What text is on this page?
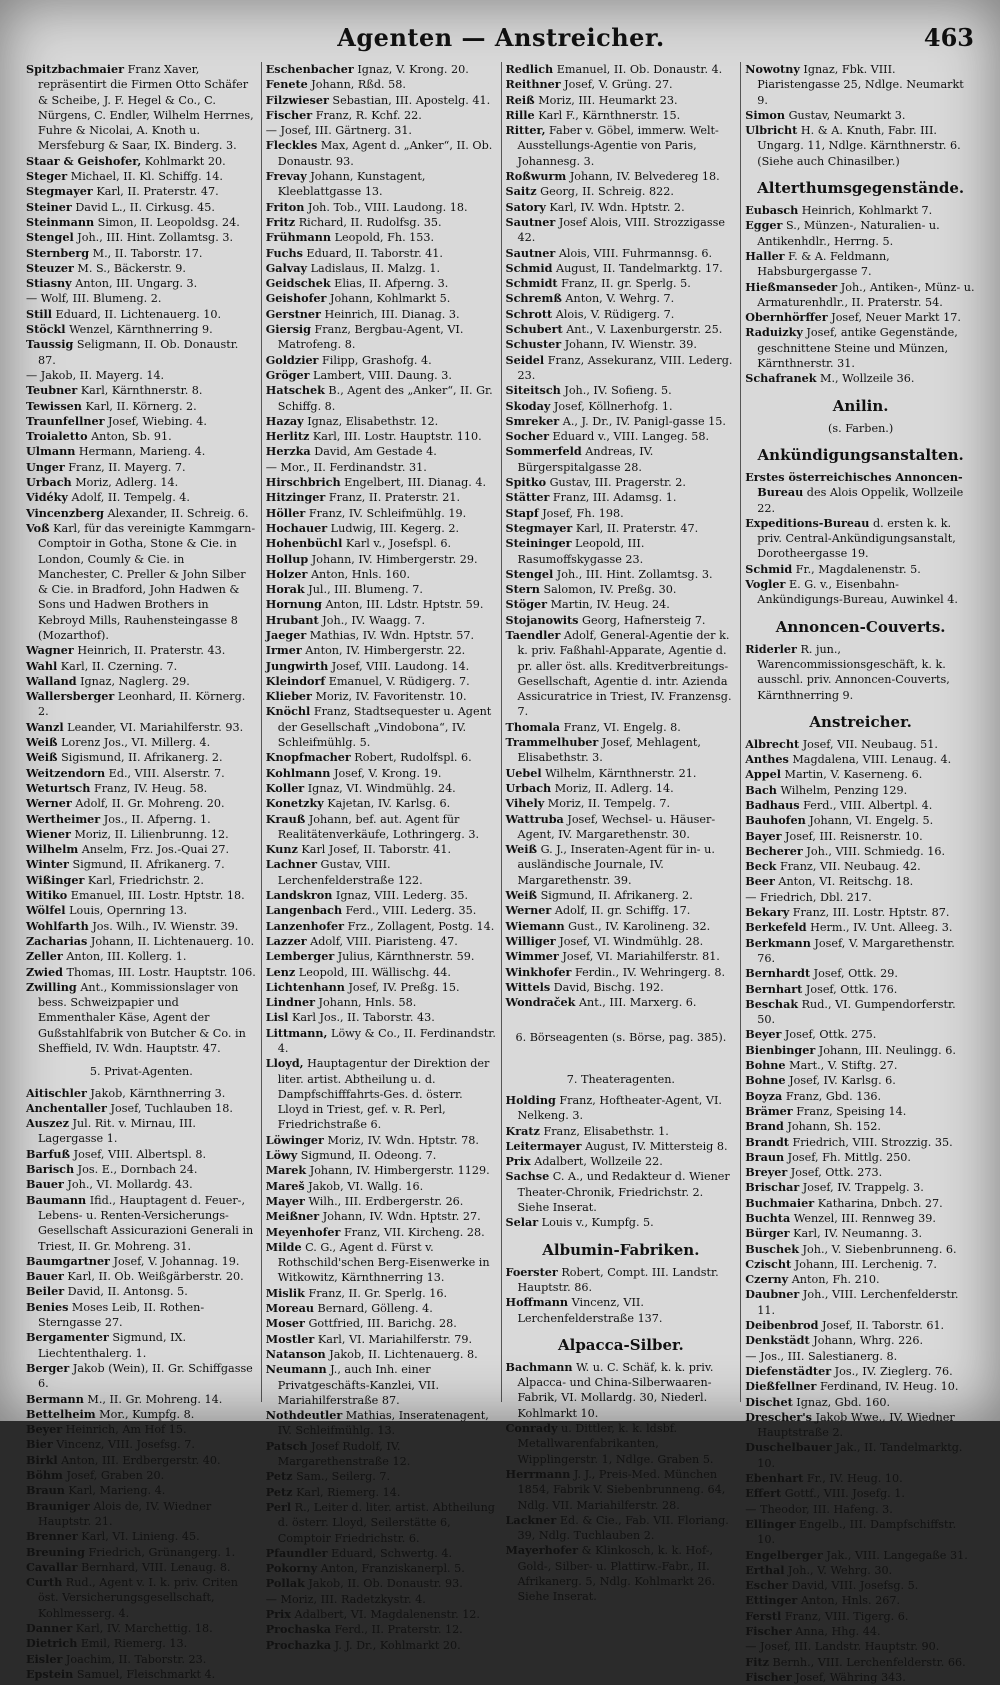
Agenten — Anstreicher.	463
Spitzbachmaier Franz Xaver, repräsentirt die Firmen Otto Schäfer & Scheibe, J. F. Hegel & Co., C. Nürgens, C. Endler, Wilhelm Herrnes, Fuhre & Nicolai, A. Knoth u. Mersfeburg & Saar, IX. Binderg. 3.
Staar & Geishofer, Kohlmarkt 20.
Steger Michael, II. Kl. Schiffg. 14.
Stegmayer Karl, II. Praterstr. 47.
Steiner David L., II. Cirkusg. 45.
Steinmann Simon, II. Leopoldsg. 24.
Stengel Joh., III. Hint. Zollamtsg. 3.
Sternberg M., II. Taborstr. 17.
Steuzer M. S., Bäckerstr. 9.
Stiasny Anton, III. Ungarg. 3.
— Wolf, III. Blumeng. 2.
Still Eduard, II. Lichtenauerg. 10.
Stöckl Wenzel, Kärnthnerring 9.
Taussig Seligmann, II. Ob. Donaustr. 87.
— Jakob, II. Mayerg. 14.
Teubner Karl, Kärnthnerstr. 8.
Tewissen Karl, II. Körnerg. 2.
Traunfellner Josef, Wiebing. 4.
Troialetto Anton, Sb. 91.
Ulmann Hermann, Marieng. 4.
Unger Franz, II. Mayerg. 7.
Urbach Moriz, Adlerg. 14.
Vidéky Adolf, II. Tempelg. 4.
Vincenzberg Alexander, II. Schreig. 6.
Voß Karl, für das vereinigte Kammgarn-Comptoir in Gotha, Stone & Cie. in London, Coumly & Cie. in Manchester, C. Preller & John Silber & Cie. in Bradford, John Hadwen & Sons und Hadwen Brothers in Kebroyd Mills, Rauhensteingasse 8 (Mozarthof).
Wagner Heinrich, II. Praterstr. 43.
Wahl Karl, II. Czerning. 7.
Walland Ignaz, Naglerg. 29.
Wallersberger Leonhard, II. Körnerg. 2.
Wanzl Leander, VI. Mariahilferstr. 93.
Weiß Lorenz Jos., VI. Millerg. 4.
Weiß Sigismund, II. Afrikanerg. 2.
Weitzendorn Ed., VIII. Alserstr. 7.
Weturtsch Franz, IV. Heug. 58.
Werner Adolf, II. Gr. Mohreng. 20.
Wertheimer Jos., II. Afperng. 1.
Wiener Moriz, II. Lilienbrunng. 12.
Wilhelm Anselm, Frz. Jos.-Quai 27.
Winter Sigmund, II. Afrikanerg. 7.
Wißinger Karl, Friedrichstr. 2.
Witiko Emanuel, III. Lostr. Hptstr. 18.
Wölfel Louis, Opernring 13.
Wohlfarth Jos. Wilh., IV. Wienstr. 39.
Zacharias Johann, II. Lichtenauerg. 10.
Zeller Anton, III. Kollerg. 1.
Zwied Thomas, III. Lostr. Hauptstr. 106.
Zwilling Ant., Kommissionslager von bess. Schweizpapier und Emmenthaler Käse, Agent der Gußstahlfabrik von Butcher & Co. in Sheffield, IV. Wdn. Hauptstr. 47.
5. Privat-Agenten.
Aitischler Jakob, Kärnthnerring 3.
Anchentaller Josef, Tuchlauben 18.
Auszez Jul. Rit. v. Mirnau, III. Lagergasse 1.
Barfuß Josef, VIII. Albertspl. 8.
Barisch Jos. E., Dornbach 24.
Bauer Joh., VI. Mollardg. 43.
Baumann Ifid., Hauptagent d. Feuer-, Lebens- u. Renten-Versicherungs-Gesellschaft Assicurazioni Generali in Triest, II. Gr. Mohreng. 31.
Baumgartner Josef, V. Johannag. 19.
Bauer Karl, II. Ob. Weißgärberstr. 20.
Beiler David, II. Antonsg. 5.
Benies Moses Leib, II. Rothen-Sterngasse 27.
Bergamenter Sigmund, IX. Liechtenthalerg. 1.
Berger Jakob (Wein), II. Gr. Schiffgasse 6.
Bermann M., II. Gr. Mohreng. 14.
Bettelheim Mor., Kumpfg. 8.
Beyer Heinrich, Am Hof 15.
Bier Vincenz, VIII. Josefsg. 7.
Birkl Anton, III. Erdbergerstr. 40.
Böhm Josef, Graben 20.
Braun Karl, Marieng. 4.
Brauniger Alois de, IV. Wiedner Hauptstr. 21.
Brenner Karl, VI. Linieng. 45.
Breuning Friedrich, Grünangerg. 1.
Cavallar Bernhard, VIII. Lenaug. 8.
Curth Rud., Agent v. I. k. priv. Criten öst. Versicherungsgesellschaft, Kohlmesserg. 4.
Danner Karl, IV. Marchettig. 18.
Dietrich Emil, Riemerg. 13.
Eisler Joachim, II. Taborstr. 23.
Epstein Samuel, Fleischmarkt 4.
Eschenbacher Ignaz, V. Krong. 20.
Fenete Johann, Rßd. 58.
Filzwieser Sebastian, III. Apostelg. 41.
Fischer Franz, R. Kchf. 22.
— Josef, III. Gärtnerg. 31.
Fleckles Max, Agent d. „Anker“, II. Ob. Donaustr. 93.
Frevay Johann, Kunstagent, Kleeblattgasse 13.
Friton Joh. Tob., VIII. Laudong. 18.
Fritz Richard, II. Rudolfsg. 35.
Frühmann Leopold, Fh. 153.
Fuchs Eduard, II. Taborstr. 41.
Galvay Ladislaus, II. Malzg. 1.
Geidschek Elias, II. Afperng. 3.
Geishofer Johann, Kohlmarkt 5.
Gerstner Heinrich, III. Dianag. 3.
Giersig Franz, Bergbau-Agent, VI. Matrofeng. 8.
Goldzier Filipp, Grashofg. 4.
Gröger Lambert, VIII. Daung. 3.
Hatschek B., Agent des „Anker“, II. Gr. Schiffg. 8.
Hazay Ignaz, Elisabethstr. 12.
Herlitz Karl, III. Lostr. Hauptstr. 110.
Herzka David, Am Gestade 4.
— Mor., II. Ferdinandstr. 31.
Hirschbrich Engelbert, III. Dianag. 4.
Hitzinger Franz, II. Praterstr. 21.
Höller Franz, IV. Schleifmühlg. 19.
Hochauer Ludwig, III. Kegerg. 2.
Hohenbüchl Karl v., Josefspl. 6.
Hollup Johann, IV. Himbergerstr. 29.
Holzer Anton, Hnls. 160.
Horak Jul., III. Blumeng. 7.
Hornung Anton, III. Ldstr. Hptstr. 59.
Hrubant Joh., IV. Waagg. 7.
Jaeger Mathias, IV. Wdn. Hptstr. 57.
Irmer Anton, IV. Himbergerstr. 22.
Jungwirth Josef, VIII. Laudong. 14.
Kleindorf Emanuel, V. Rüdigerg. 7.
Klieber Moriz, IV. Favoritenstr. 10.
Knöchl Franz, Stadtsequester u. Agent der Gesellschaft „Vindobona“, IV. Schleifmühlg. 5.
Knopfmacher Robert, Rudolfspl. 6.
Kohlmann Josef, V. Krong. 19.
Koller Ignaz, VI. Windmühlg. 24.
Konetzky Kajetan, IV. Karlsg. 6.
Krauß Johann, bef. aut. Agent für Realitätenverkäufe, Lothringerg. 3.
Kunz Karl Josef, II. Taborstr. 41.
Lachner Gustav, VIII. Lerchenfelderstraße 122.
Landskron Ignaz, VIII. Lederg. 35.
Langenbach Ferd., VIII. Lederg. 35.
Lanzenhofer Frz., Zollagent, Postg. 14.
Lazzer Adolf, VIII. Piaristeng. 47.
Lemberger Julius, Kärnthnerstr. 59.
Lenz Leopold, III. Wällischg. 44.
Lichtenhann Josef, IV. Preßg. 15.
Lindner Johann, Hnls. 58.
Lisl Karl Jos., II. Taborstr. 43.
Littmann, Löwy & Co., II. Ferdinandstr. 4.
Lloyd, Hauptagentur der Direktion der liter. artist. Abtheilung u. d. Dampfschifffahrts-Ges. d. österr. Lloyd in Triest, gef. v. R. Perl, Friedrichstraße 6.
Löwinger Moriz, IV. Wdn. Hptstr. 78.
Löwy Sigmund, II. Odeong. 7.
Marek Johann, IV. Himbergerstr. 1129.
Mareš Jakob, VI. Wallg. 16.
Mayer Wilh., III. Erdbergerstr. 26.
Meißner Johann, IV. Wdn. Hptstr. 27.
Meyenhofer Franz, VII. Kircheng. 28.
Milde C. G., Agent d. Fürst v. Rothschild'schen Berg-Eisenwerke in Witkowitz, Kärnthnerring 13.
Mislik Franz, II. Gr. Sperlg. 16.
Moreau Bernard, Gölleng. 4.
Moser Gottfried, III. Barichg. 28.
Mostler Karl, VI. Mariahilferstr. 79.
Natanson Jakob, II. Lichtenauerg. 8.
Neumann J., auch Inh. einer Privatgeschäfts-Kanzlei, VII. Mariahilferstraße 87.
Nothdeutler Mathias, Inseratenagent, IV. Schleifmühlg. 13.
Patsch Josef Rudolf, IV. Margarethenstraße 12.
Petz Sam., Seilerg. 7.
Petz Karl, Riemerg. 14.
Perl R., Leiter d. liter. artist. Abtheilung d. österr. Lloyd, Seilerstätte 6, Comptoir Friedrichstr. 6.
Pfaundler Eduard, Schwertg. 4.
Pokorny Anton, Franziskanerpl. 5.
Pollak Jakob, II. Ob. Donaustr. 93.
— Moriz, III. Radetzkystr. 4.
Prix Adalbert, VI. Magdalenenstr. 12.
Prochaska Ferd., II. Praterstr. 12.
Prochazka J. J. Dr., Kohlmarkt 20.
Redlich Emanuel, II. Ob. Donaustr. 4.
Reithner Josef, V. Grüng. 27.
Reiß Moriz, III. Heumarkt 23.
Rille Karl F., Kärnthnerstr. 15.
Ritter, Faber v. Göbel, immerw. Welt-Ausstellungs-Agentie von Paris, Johannesg. 3.
Roßwurm Johann, IV. Belvedereg 18.
Saitz Georg, II. Schreig. 822.
Satory Karl, IV. Wdn. Hptstr. 2.
Sautner Josef Alois, VIII. Strozzigasse 42.
Sautner Alois, VIII. Fuhrmannsg. 6.
Schmid August, II. Tandelmarktg. 17.
Schmidt Franz, II. gr. Sperlg. 5.
Schremß Anton, V. Wehrg. 7.
Schrott Alois, V. Rüdigerg. 7.
Schubert Ant., V. Laxenburgerstr. 25.
Schuster Johann, IV. Wienstr. 39.
Seidel Franz, Assekuranz, VIII. Lederg. 23.
Siteitsch Joh., IV. Sofieng. 5.
Skoday Josef, Köllnerhofg. 1.
Smreker A., J. Dr., IV. Panigl-gasse 15.
Socher Eduard v., VIII. Langeg. 58.
Sommerfeld Andreas, IV. Bürgerspitalgasse 28.
Spitko Gustav, III. Pragerstr. 2.
Stätter Franz, III. Adamsg. 1.
Stapf Josef, Fh. 198.
Stegmayer Karl, II. Praterstr. 47.
Steininger Leopold, III. Rasumoffskygasse 23.
Stengel Joh., III. Hint. Zollamtsg. 3.
Stern Salomon, IV. Preßg. 30.
Stöger Martin, IV. Heug. 24.
Stojanowits Georg, Hafnersteig 7.
Taendler Adolf, General-Agentie der k. k. priv. Faßhahl-Apparate, Agentie d. pr. aller öst. alls. Kreditverbreitungs-Gesellschaft, Agentie d. intr. Azienda Assicuratrice in Triest, IV. Franzensg. 7.
Thomala Franz, VI. Engelg. 8.
Trammelhuber Josef, Mehlagent, Elisabethstr. 3.
Uebel Wilhelm, Kärnthnerstr. 21.
Urbach Moriz, II. Adlerg. 14.
Vihely Moriz, II. Tempelg. 7.
Wattruba Josef, Wechsel- u. Häuser-Agent, IV. Margarethenstr. 30.
Weiß G. J., Inseraten-Agent für in- u. ausländische Journale, IV. Margarethenstr. 39.
Weiß Sigmund, II. Afrikanerg. 2.
Werner Adolf, II. gr. Schiffg. 17.
Wiemann Gust., IV. Karolineng. 32.
Williger Josef, VI. Windmühlg. 28.
Wimmer Josef, VI. Mariahilferstr. 81.
Winkhofer Ferdin., IV. Wehringerg. 8.
Wittels David, Bischg. 192.
Wondraček Ant., III. Marxerg. 6.
6. Börseagenten (s. Börse, pag. 385).
7. Theateragenten.
Holding Franz, Hoftheater-Agent, VI. Nelkeng. 3.
Kratz Franz, Elisabethstr. 1.
Leitermayer August, IV. Mittersteig 8.
Prix Adalbert, Wollzeile 22.
Sachse C. A., und Redakteur d. Wiener Theater-Chronik, Friedrichstr. 2. Siehe Inserat.
Selar Louis v., Kumpfg. 5.
Albumin-Fabriken.
Foerster Robert, Compt. III. Landstr. Hauptstr. 86.
Hoffmann Vincenz, VII. Lerchenfelderstraße 137.
Alpacca-Silber.
Bachmann W. u. C. Schäf, k. k. priv. Alpacca- und China-Silberwaaren-Fabrik, VI. Mollardg. 30, Niederl. Kohlmarkt 10.
Conrady u. Dittler, k. k. ldsbf. Metallwarenfabrikanten, Wipplingerstr. 1, Ndlge. Graben 5.
Herrmann J. J., Preis-Med. München 1854, Fabrik V. Siebenbrunneng. 64, Ndlg. VII. Mariahilferstr. 28.
Lackner Ed. & Cie., Fab. VII. Floriang. 39, Ndlg. Tuchlauben 2.
Mayerhofer & Klinkosch, k. k. Hof-, Gold-, Silber- u. Plattirw.-Fabr., II. Afrikanerg. 5, Ndlg. Kohlmarkt 26. Siehe Inserat.
Nowotny Ignaz, Fbk. VIII. Piaristengasse 25, Ndlge. Neumarkt 9.
Simon Gustav, Neumarkt 3.
Ulbricht H. & A. Knuth, Fabr. III. Ungarg. 11, Ndlge. Kärnthnerstr. 6. (Siehe auch Chinasilber.)
Alterthumsgegenstände.
Eubasch Heinrich, Kohlmarkt 7.
Egger S., Münzen-, Naturalien- u. Antikenhdlr., Herrng. 5.
Haller F. & A. Feldmann, Habsburgergasse 7.
Hießmanseder Joh., Antiken-, Münz- u. Armaturenhdlr., II. Praterstr. 54.
Obernhörffer Josef, Neuer Markt 17.
Raduizky Josef, antike Gegenstände, geschnittene Steine und Münzen, Kärnthnerstr. 31.
Schafranek M., Wollzeile 36.
Anilin.
(s. Farben.)
Ankündigungsanstalten.
Erstes österreichisches Annoncen-Bureau des Alois Oppelik, Wollzeile 22.
Expeditions-Bureau d. ersten k. k. priv. Central-Ankündigungsanstalt, Dorotheergasse 19.
Schmid Fr., Magdalenenstr. 5.
Vogler E. G. v., Eisenbahn-Ankündigungs-Bureau, Auwinkel 4.
Annoncen-Couverts.
Riderler R. jun., Warencommissionsgeschäft, k. k. ausschl. priv. Annoncen-Couverts, Kärnthnerring 9.
Anstreicher.
Albrecht Josef, VII. Neubaug. 51.
Anthes Magdalena, VIII. Lenaug. 4.
Appel Martin, V. Kaserneng. 6.
Bach Wilhelm, Penzing 129.
Badhaus Ferd., VIII. Albertpl. 4.
Bauhofen Johann, VI. Engelg. 5.
Bayer Josef, III. Reisnerstr. 10.
Becherer Joh., VIII. Schmiedg. 16.
Beck Franz, VII. Neubaug. 42.
Beer Anton, VI. Reitschg. 18.
— Friedrich, Dbl. 217.
Bekary Franz, III. Lostr. Hptstr. 87.
Berkefeld Herm., IV. Unt. Alleeg. 3.
Berkmann Josef, V. Margarethenstr. 76.
Bernhardt Josef, Ottk. 29.
Bernhart Josef, Ottk. 176.
Beschak Rud., VI. Gumpendorferstr. 50.
Beyer Josef, Ottk. 275.
Bienbinger Johann, III. Neulingg. 6.
Bohne Mart., V. Stiftg. 27.
Bohne Josef, IV. Karlsg. 6.
Boyza Franz, Gbd. 136.
Brämer Franz, Speising 14.
Brand Johann, Sh. 152.
Brandt Friedrich, VIII. Strozzig. 35.
Braun Josef, Fh. Mittlg. 250.
Breyer Josef, Ottk. 273.
Brischar Josef, IV. Trappelg. 3.
Buchmaier Katharina, Dnbch. 27.
Buchta Wenzel, III. Rennweg 39.
Bürger Karl, IV. Neumanng. 3.
Buschek Joh., V. Siebenbrunneng. 6.
Czischt Johann, III. Lerchenig. 7.
Czerny Anton, Fh. 210.
Daubner Joh., VIII. Lerchenfelderstr. 11.
Deibenbrod Josef, II. Taborstr. 61.
Denkstädt Johann, Whrg. 226.
— Jos., III. Salestianerg. 8.
Diefenstädter Jos., IV. Zieglerg. 76.
Dießfellner Ferdinand, IV. Heug. 10.
Dischet Ignaz, Gbd. 160.
Drescher's Jakob Wwe., IV. Wiedner Hauptstraße 2.
Duschelbauer Jak., II. Tandelmarktg. 10.
Ebenhart Fr., IV. Heug. 10.
Effert Gottf., VIII. Josefg. 1.
— Theodor, III. Hafeng. 3.
Ellinger Engelb., III. Dampfschiffstr. 10.
Engelberger Jak., VIII. Langegaße 31.
Erthal Joh., V. Wehrg. 30.
Escher David, VIII. Josefsg. 5.
Ettinger Anton, Hnls. 267.
Ferstl Franz, VIII. Tigerg. 6.
Fischer Anna, Hhg. 44.
— Josef, III. Landstr. Hauptstr. 90.
Fitz Bernh., VIII. Lerchenfelderstr. 66.
Fischer Josef, Währing 343.
